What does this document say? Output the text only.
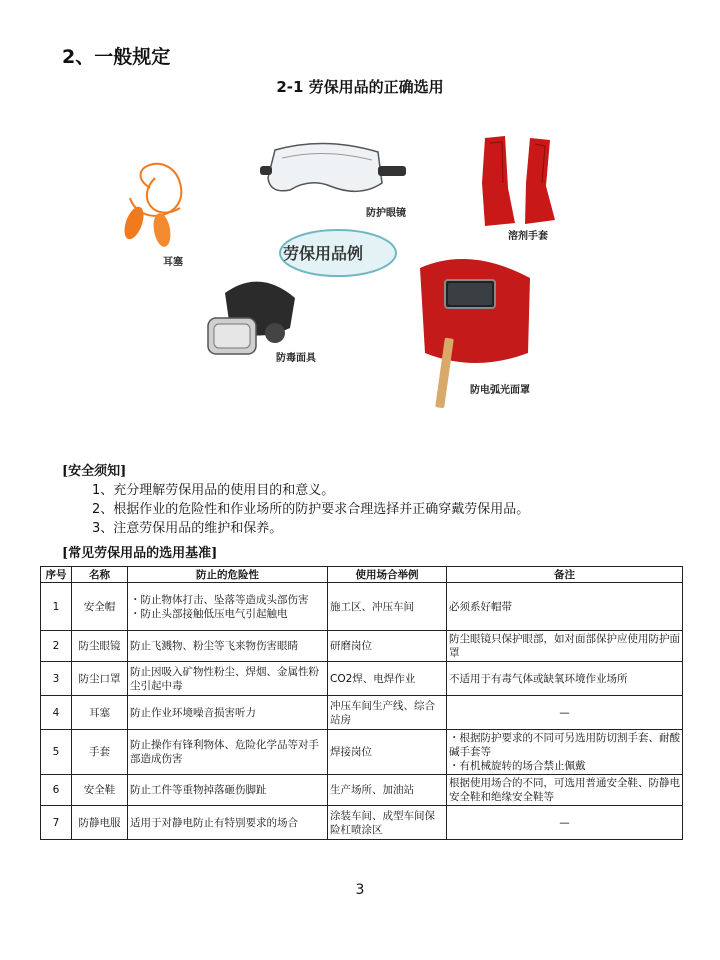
2、一般规定
2-1 劳保用品的正确选用
劳保用品例
耳塞
防护眼镜
溶剂手套
防毒面具
防电弧光面罩
[安全须知]
1、充分理解劳保用品的使用目的和意义。
2、根据作业的危险性和作业场所的防护要求合理选择并正确穿戴劳保用品。
3、注意劳保用品的维护和保养。
[常见劳保用品的选用基准]
序号	名称	防止的危险性	使用场合举例	备注
1	安全帽	・防止物体打击、坠落等造成头部伤害
・防止头部接触低压电气引起触电	施工区、冲压车间	必须系好帽带

2	防尘眼镜	防止飞溅物、粉尘等飞来物伤害眼睛	研磨岗位	防尘眼镜只保护眼部，如对面部保护应使用防护面罩

3	防尘口罩	防止因吸入矿物性粉尘、焊烟、金属性粉尘引起中毒	CO2焊、电焊作业	不适用于有毒气体或缺氧环境作业场所

4	耳塞	防止作业环境噪音损害听力	冲压车间生产线、综合站房	—

5	手套	防止操作有锋利物体、危险化学品等对手部造成伤害	焊接岗位	・根据防护要求的不同可另选用防切割手套、耐酸碱手套等
・有机械旋转的场合禁止佩戴

6	安全鞋	防止工件等重物掉落砸伤脚趾	生产场所、加油站	根据使用场合的不同，可选用普通安全鞋、防静电安全鞋和绝缘安全鞋等

7	防静电服	适用于对静电防止有特别要求的场合	涂装车间、成型车间保险杠喷涂区	—
3
